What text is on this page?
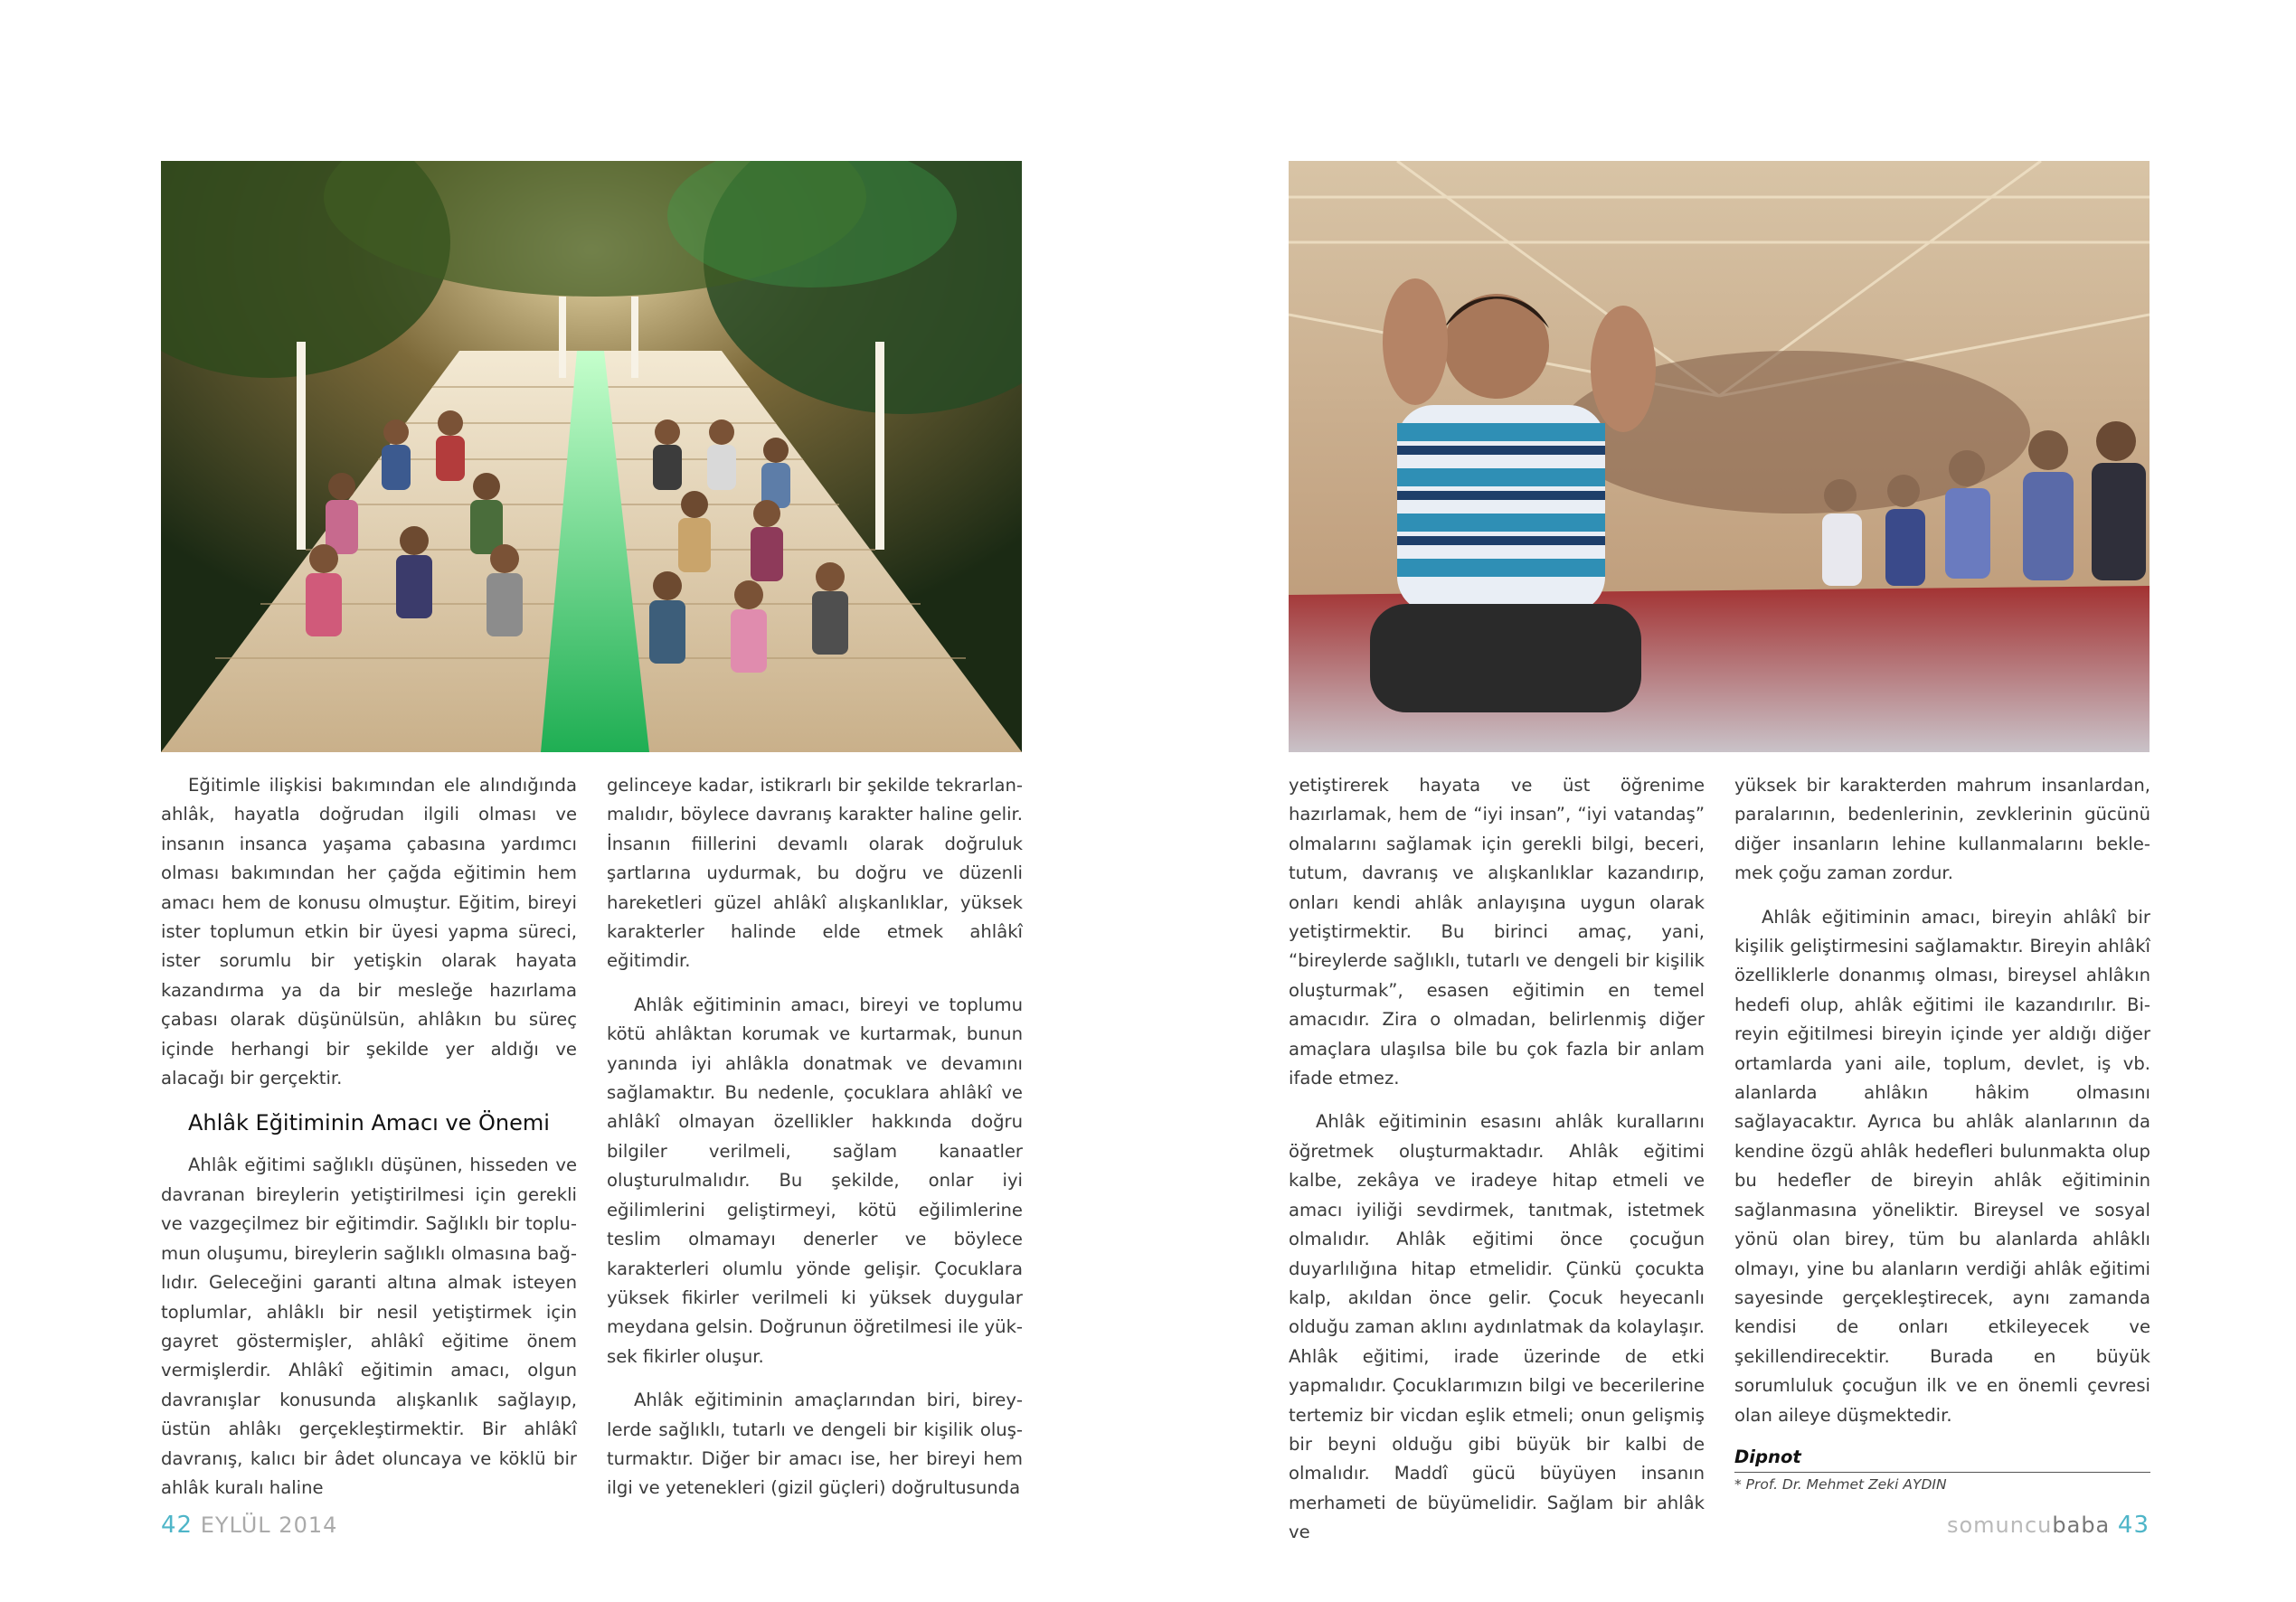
Eğitimle ilişkisi bakımından ele alındığında ahlâk, hayatla doğrudan ilgili olması ve insanın insanca yaşama çabasına yardımcı olması bakımından her çağda eğitimin hem amacı hem de konusu olmuştur. Eğitim, bireyi ister toplumun etkin bir üyesi yapma süreci, ister sorumlu bir yetişkin olarak hayata kazandırma ya da bir mesleğe hazırlama çabası olarak düşünülsün, ahlâkın bu süreç içinde herhangi bir şekilde yer aldığı ve alacağı bir gerçektir.

Ahlâk Eğitiminin Amacı ve Önemi

Ahlâk eğitimi sağlıklı düşünen, hisseden ve davranan bireylerin yetiştirilmesi için gerekli ve vazgeçilmez bir eğitimdir. Sağlıklı bir toplumun oluşumu, bireylerin sağlıklı olmasına bağlıdır. Geleceğini garanti altına almak isteyen toplumlar, ahlâklı bir nesil yetiştirmek için gayret göstermişler, ahlâkî eğitime önem vermişlerdir. Ahlâkî eğitimin amacı, olgun davranışlar konusunda alışkanlık sağlayıp, üstün ahlâkı gerçekleştirmektir. Bir ahlâkî davranış, kalıcı bir âdet oluncaya ve köklü bir ahlâk kuralı haline

gelinceye kadar, istikrarlı bir şekilde tekrarlanmalıdır, böylece davranış karakter haline gelir. İnsanın fiillerini devamlı olarak doğruluk şartlarına uydurmak, bu doğru ve düzenli hareketleri güzel ahlâkî alışkanlıklar, yüksek karakterler halinde elde etmek ahlâkî eğitimdir.

Ahlâk eğitiminin amacı, bireyi ve toplumu kötü ahlâktan korumak ve kurtarmak, bunun yanında iyi ahlâkla donatmak ve devamını sağlamaktır. Bu nedenle, çocuklara ahlâkî ve ahlâkî olmayan özellikler hakkında doğru bilgiler verilmeli, sağlam kanaatler oluşturulmalıdır. Bu şekilde, onlar iyi eğilimlerini geliştirmeyi, kötü eğilimlerine teslim olmamayı denerler ve böylece karakterleri olumlu yönde gelişir. Çocuklara yüksek fikirler verilmeli ki yüksek duygular meydana gelsin. Doğrunun öğretilmesi ile yüksek fikirler oluşur.

Ahlâk eğitiminin amaçlarından biri, bireylerde sağlıklı, tutarlı ve dengeli bir kişilik oluşturmaktır. Diğer bir amacı ise, her bireyi hem ilgi ve yetenekleri (gizil güçleri) doğrultusunda

yetiştirerek hayata ve üst öğrenime hazırlamak, hem de “iyi insan”, “iyi vatandaş” olmalarını sağlamak için gerekli bilgi, beceri, tutum, davranış ve alışkanlıklar kazandırıp, onları kendi ahlâk anlayışına uygun olarak yetiştirmektir. Bu birinci amaç, yani, “bireylerde sağlıklı, tutarlı ve dengeli bir kişilik oluşturmak”, esasen eğitimin en temel amacıdır. Zira o olmadan, belirlenmiş diğer amaçlara ulaşılsa bile bu çok fazla bir anlam ifade etmez.

Ahlâk eğitiminin esasını ahlâk kurallarını öğretmek oluşturmaktadır. Ahlâk eğitimi kalbe, zekâya ve iradeye hitap etmeli ve amacı iyiliği sevdirmek, tanıtmak, istetmek olmalıdır. Ahlâk eğitimi önce çocuğun duyarlılığına hitap etmelidir. Çünkü çocukta kalp, akıldan önce gelir. Çocuk heyecanlı olduğu zaman aklını aydınlatmak da kolaylaşır. Ahlâk eğitimi, irade üzerinde de etki yapmalıdır. Çocuklarımızın bilgi ve becerilerine tertemiz bir vicdan eşlik etmeli; onun gelişmiş bir beyni olduğu gibi büyük bir kalbi de olmalıdır. Maddî gücü büyüyen insanın merhameti de büyümelidir. Sağlam bir ahlâk ve

yüksek bir karakterden mahrum insanlardan, paralarının, bedenlerinin, zevklerinin gücünü diğer insanların lehine kullanmalarını beklemek çoğu zaman zordur.

Ahlâk eğitiminin amacı, bireyin ahlâkî bir kişilik geliştirmesini sağlamaktır. Bireyin ahlâkî özelliklerle donanmış olması, bireysel ahlâkın hedefi olup, ahlâk eğitimi ile kazandırılır. Bireyin eğitilmesi bireyin içinde yer aldığı diğer ortamlarda yani aile, toplum, devlet, iş vb. alanlarda ahlâkın hâkim olmasını sağlayacaktır. Ayrıca bu ahlâk alanlarının da kendine özgü ahlâk hedefleri bulunmakta olup bu hedefler de bireyin ahlâk eğitiminin sağlanmasına yöneliktir. Bireysel ve sosyal yönü olan birey, tüm bu alanlarda ahlâklı olmayı, yine bu alanların verdiği ahlâk eğitimi sayesinde gerçekleştirecek, aynı zamanda kendisi de onları etkileyecek ve şekillendirecektir. Burada en büyük sorumluluk çocuğun ilk ve en önemli çevresi olan aileye düşmektedir.

Dipnot
* Prof. Dr. Mehmet Zeki AYDIN
42 EYLÜL 2014	somuncubaba 43
